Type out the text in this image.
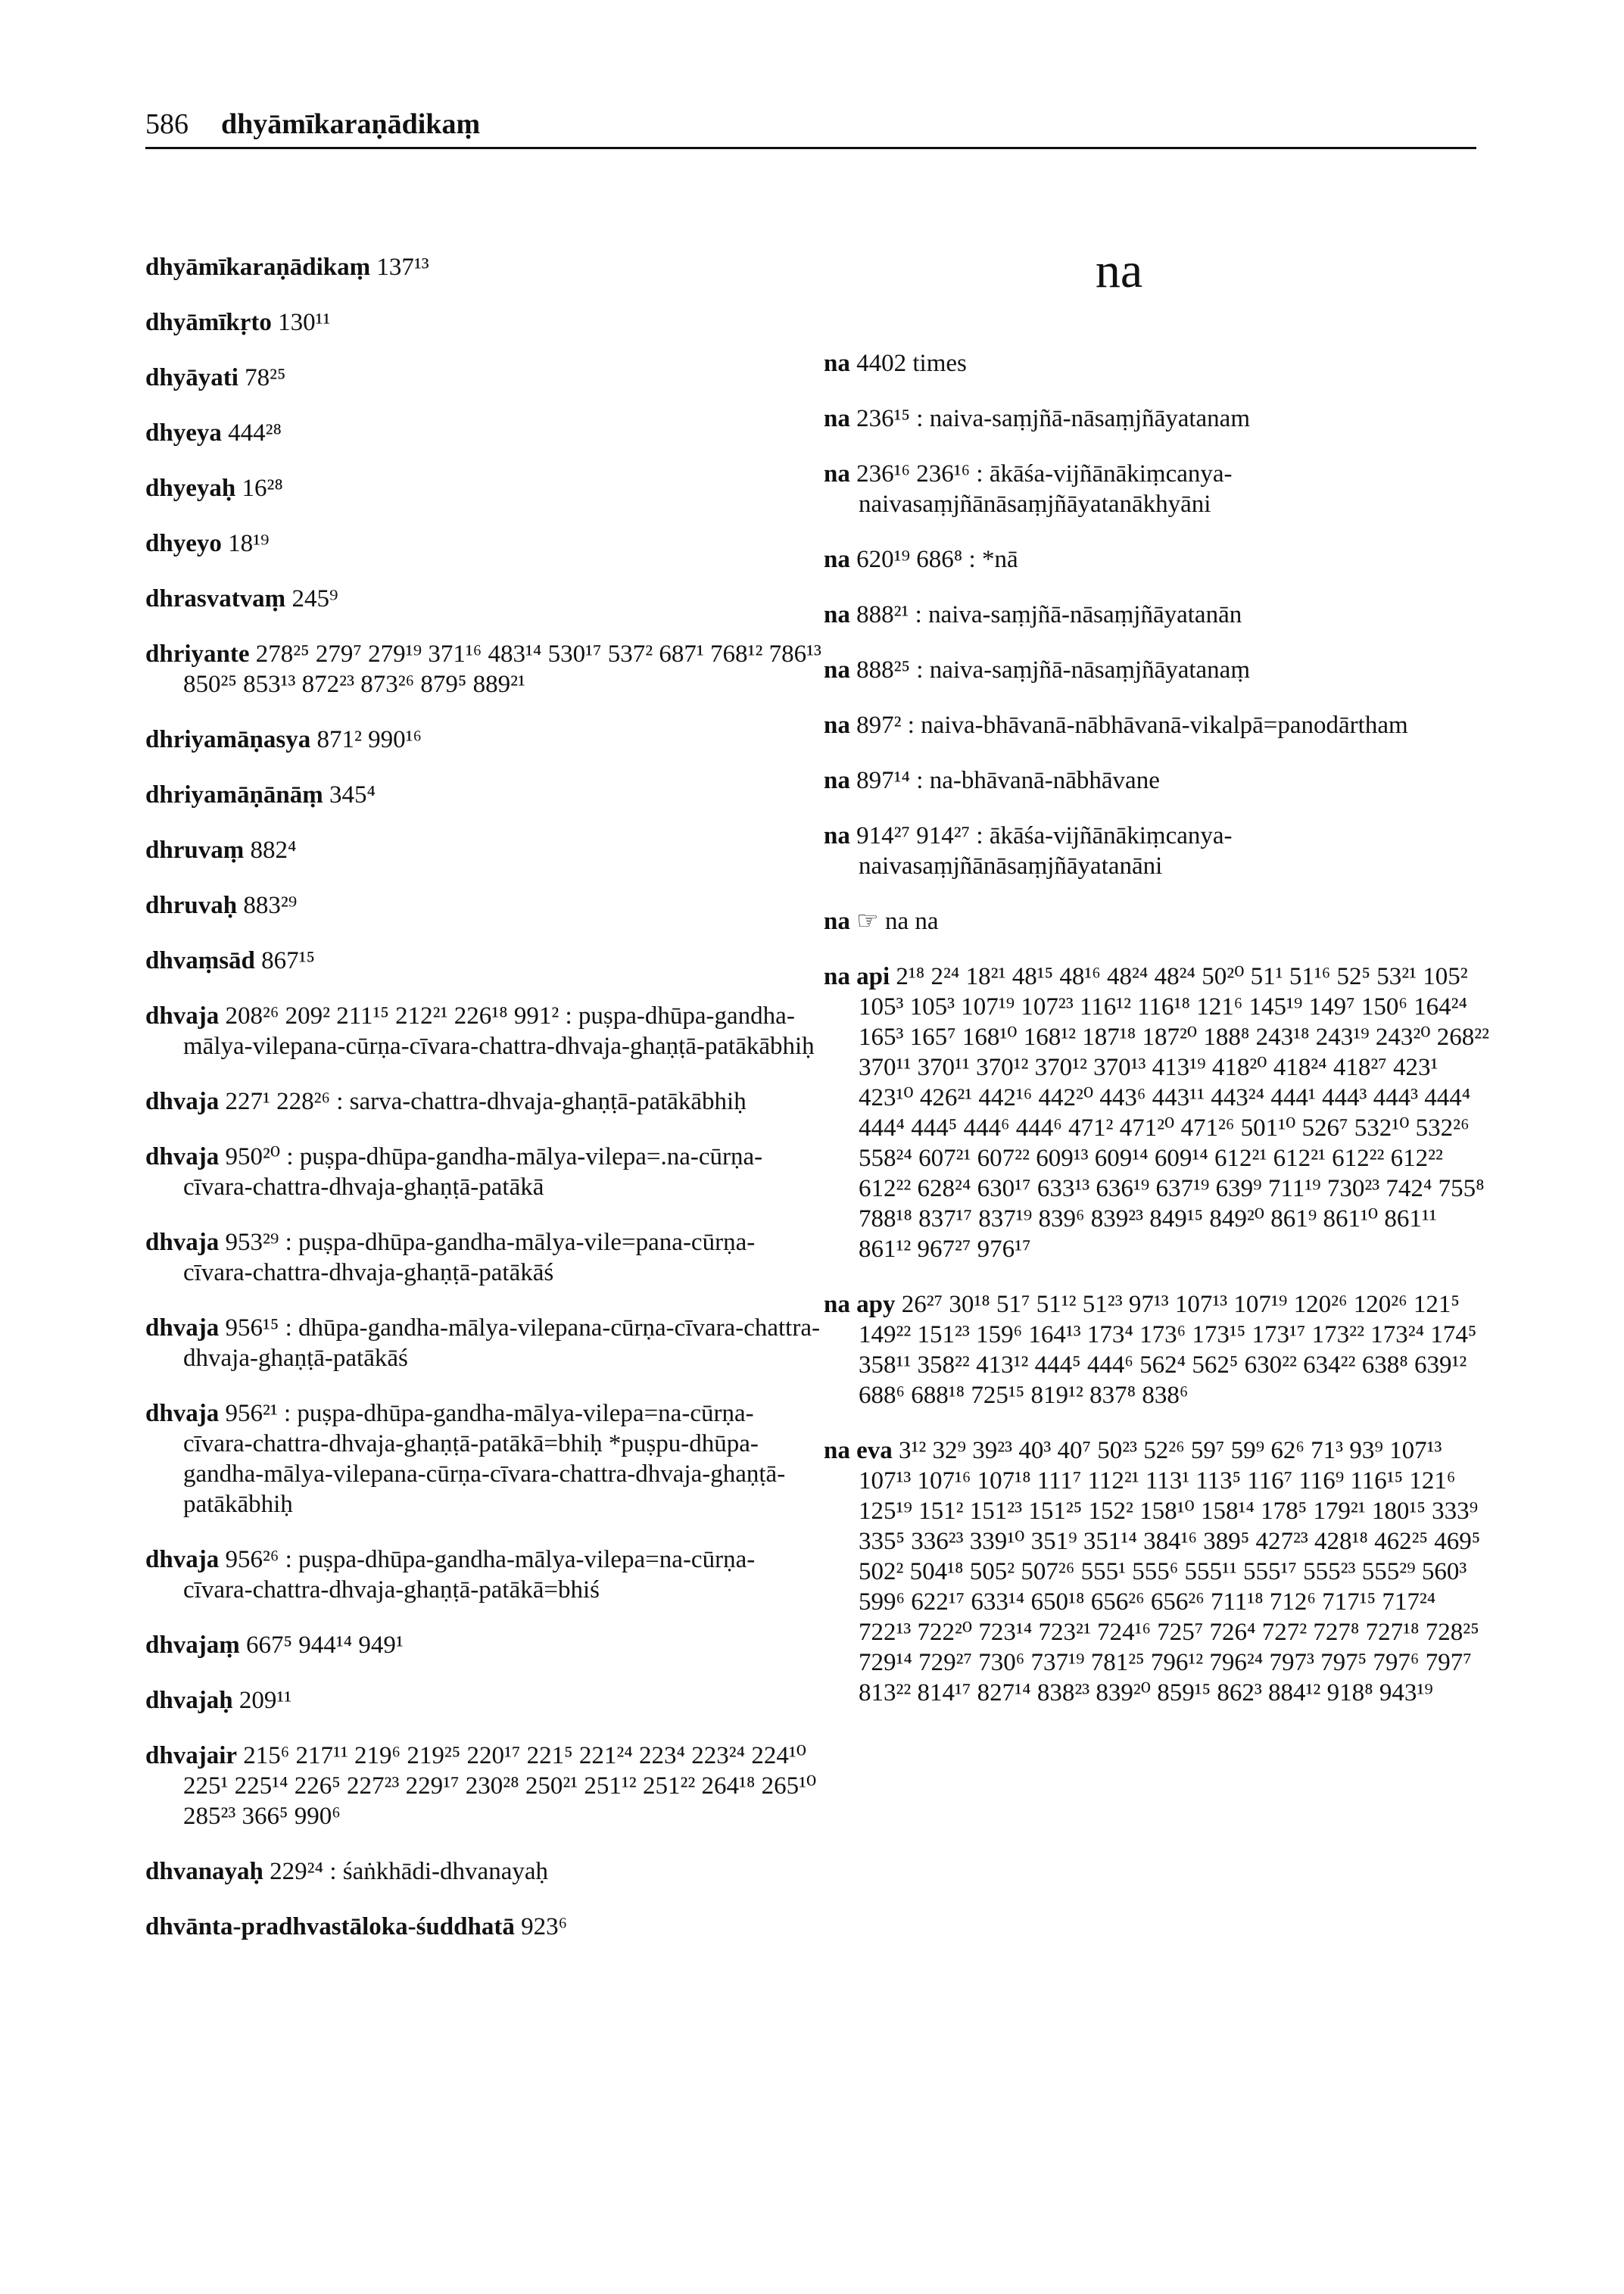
586 dhyāmīkaraṇādikaṃ

dhyāmīkaraṇādikaṃ 137¹³

dhyāmīkṛto 130¹¹

dhyāyati 78²⁵

dhyeya 444²⁸

dhyeyaḥ 16²⁸

dhyeyo 18¹⁹

dhrasvatvaṃ 245⁹

dhriyante 278²⁵ 279⁷ 279¹⁹ 371¹⁶ 483¹⁴ 530¹⁷ 537² 687¹ 768¹² 786¹³ 850²⁵ 853¹³ 872²³ 873²⁶ 879⁵ 889²¹

dhriyamāṇasya 871² 990¹⁶

dhriyamāṇānāṃ 345⁴

dhruvaṃ 882⁴

dhruvaḥ 883²⁹

dhvaṃsād 867¹⁵

dhvaja 208²⁶ 209² 211¹⁵ 212²¹ 226¹⁸ 991² : puṣpa-dhūpa-gandha-mālya-vilepana-cūrṇa-cīvara-chattra-dhvaja-ghaṇṭā-patākābhiḥ

dhvaja 227¹ 228²⁶ : sarva-chattra-dhvaja-ghaṇṭā-patākābhiḥ

dhvaja 950²⁰ : puṣpa-dhūpa-gandha-mālya-vilepa=.na-cūrṇa-cīvara-chattra-dhvaja-ghaṇṭā-patākā

dhvaja 953²⁹ : puṣpa-dhūpa-gandha-mālya-vile=pana-cūrṇa-cīvara-chattra-dhvaja-ghaṇṭā-patākāś

dhvaja 956¹⁵ : dhūpa-gandha-mālya-vilepana-cūrṇa-cīvara-chattra-dhvaja-ghaṇṭā-patākāś

dhvaja 956²¹ : puṣpa-dhūpa-gandha-mālya-vilepa=na-cūrṇa-cīvara-chattra-dhvaja-ghaṇṭā-patākā=bhiḥ *puṣpu-dhūpa-gandha-mālya-vilepana-cūrṇa-cīvara-chattra-dhvaja-ghaṇṭā-patākābhiḥ

dhvaja 956²⁶ : puṣpa-dhūpa-gandha-mālya-vilepa=na-cūrṇa-cīvara-chattra-dhvaja-ghaṇṭā-patākā=bhiś

dhvajaṃ 667⁵ 944¹⁴ 949¹

dhvajaḥ 209¹¹

dhvajair 215⁶ 217¹¹ 219⁶ 219²⁵ 220¹⁷ 221⁵ 221²⁴ 223⁴ 223²⁴ 224¹⁰ 225¹ 225¹⁴ 226⁵ 227²³ 229¹⁷ 230²⁸ 250²¹ 251¹² 251²² 264¹⁸ 265¹⁰ 285²³ 366⁵ 990⁶

dhvanayaḥ 229²⁴ : śaṅkhādi-dhvanayaḥ

dhvānta-pradhvastāloka-śuddhatā 923⁶

na

na 4402 times

na 236¹⁵ : naiva-saṃjñā-nāsaṃjñāyatanam

na 236¹⁶ 236¹⁶ : ākāśa-vijñānākiṃcanya-naivasaṃjñānāsaṃjñāyatanākhyāni

na 620¹⁹ 686⁸ : *nā

na 888²¹ : naiva-saṃjñā-nāsaṃjñāyatanān

na 888²⁵ : naiva-saṃjñā-nāsaṃjñāyatanaṃ

na 897² : naiva-bhāvanā-nābhāvanā-vikalpā=panodārtham

na 897¹⁴ : na-bhāvanā-nābhāvane

na 914²⁷ 914²⁷ : ākāśa-vijñānākiṃcanya-naivasaṃjñānāsaṃjñāyatanāni

na ☞ na na

na api 2¹⁸ 2²⁴ 18²¹ 48¹⁵ 48¹⁶ 48²⁴ 48²⁴ 50²⁰ 51¹ 51¹⁶ 52⁵ 53²¹ 105² 105³ 105³ 107¹⁹ 107²³ 116¹² 116¹⁸ 121⁶ 145¹⁹ 149⁷ 150⁶ 164²⁴ 165³ 165⁷ 168¹⁰ 168¹² 187¹⁸ 187²⁰ 188⁸ 243¹⁸ 243¹⁹ 243²⁰ 268²² 370¹¹ 370¹¹ 370¹² 370¹² 370¹³ 413¹⁹ 418²⁰ 418²⁴ 418²⁷ 423¹ 423¹⁰ 426²¹ 442¹⁶ 442²⁰ 443⁶ 443¹¹ 443²⁴ 444¹ 444³ 444³ 444⁴ 444⁴ 444⁵ 444⁶ 444⁶ 471² 471²⁰ 471²⁶ 501¹⁰ 526⁷ 532¹⁰ 532²⁶ 558²⁴ 607²¹ 607²² 609¹³ 609¹⁴ 609¹⁴ 612²¹ 612²¹ 612²² 612²² 612²² 628²⁴ 630¹⁷ 633¹³ 636¹⁹ 637¹⁹ 639⁹ 711¹⁹ 730²³ 742⁴ 755⁸ 788¹⁸ 837¹⁷ 837¹⁹ 839⁶ 839²³ 849¹⁵ 849²⁰ 861⁹ 861¹⁰ 861¹¹ 861¹² 967²⁷ 976¹⁷

na apy 26²⁷ 30¹⁸ 51⁷ 51¹² 51²³ 97¹³ 107¹³ 107¹⁹ 120²⁶ 120²⁶ 121⁵ 149²² 151²³ 159⁶ 164¹³ 173⁴ 173⁶ 173¹⁵ 173¹⁷ 173²² 173²⁴ 174⁵ 358¹¹ 358²² 413¹² 444⁵ 444⁶ 562⁴ 562⁵ 630²² 634²² 638⁸ 639¹² 688⁶ 688¹⁸ 725¹⁵ 819¹² 837⁸ 838⁶

na eva 3¹² 32⁹ 39²³ 40³ 40⁷ 50²³ 52²⁶ 59⁷ 59⁹ 62⁶ 71³ 93⁹ 107¹³ 107¹³ 107¹⁶ 107¹⁸ 111⁷ 112²¹ 113¹ 113⁵ 116⁷ 116⁹ 116¹⁵ 121⁶ 125¹⁹ 151² 151²³ 151²⁵ 152² 158¹⁰ 158¹⁴ 178⁵ 179²¹ 180¹⁵ 333⁹ 335⁵ 336²³ 339¹⁰ 351⁹ 351¹⁴ 384¹⁶ 389⁵ 427²³ 428¹⁸ 462²⁵ 469⁵ 502² 504¹⁸ 505² 507²⁶ 555¹ 555⁶ 555¹¹ 555¹⁷ 555²³ 555²⁹ 560³ 599⁶ 622¹⁷ 633¹⁴ 650¹⁸ 656²⁶ 656²⁶ 711¹⁸ 712⁶ 717¹⁵ 717²⁴ 722¹³ 722²⁰ 723¹⁴ 723²¹ 724¹⁶ 725⁷ 726⁴ 727² 727⁸ 727¹⁸ 728²⁵ 729¹⁴ 729²⁷ 730⁶ 737¹⁹ 781²⁵ 796¹² 796²⁴ 797³ 797⁵ 797⁶ 797⁷ 813²² 814¹⁷ 827¹⁴ 838²³ 839²⁰ 859¹⁵ 862³ 884¹² 918⁸ 943¹⁹
